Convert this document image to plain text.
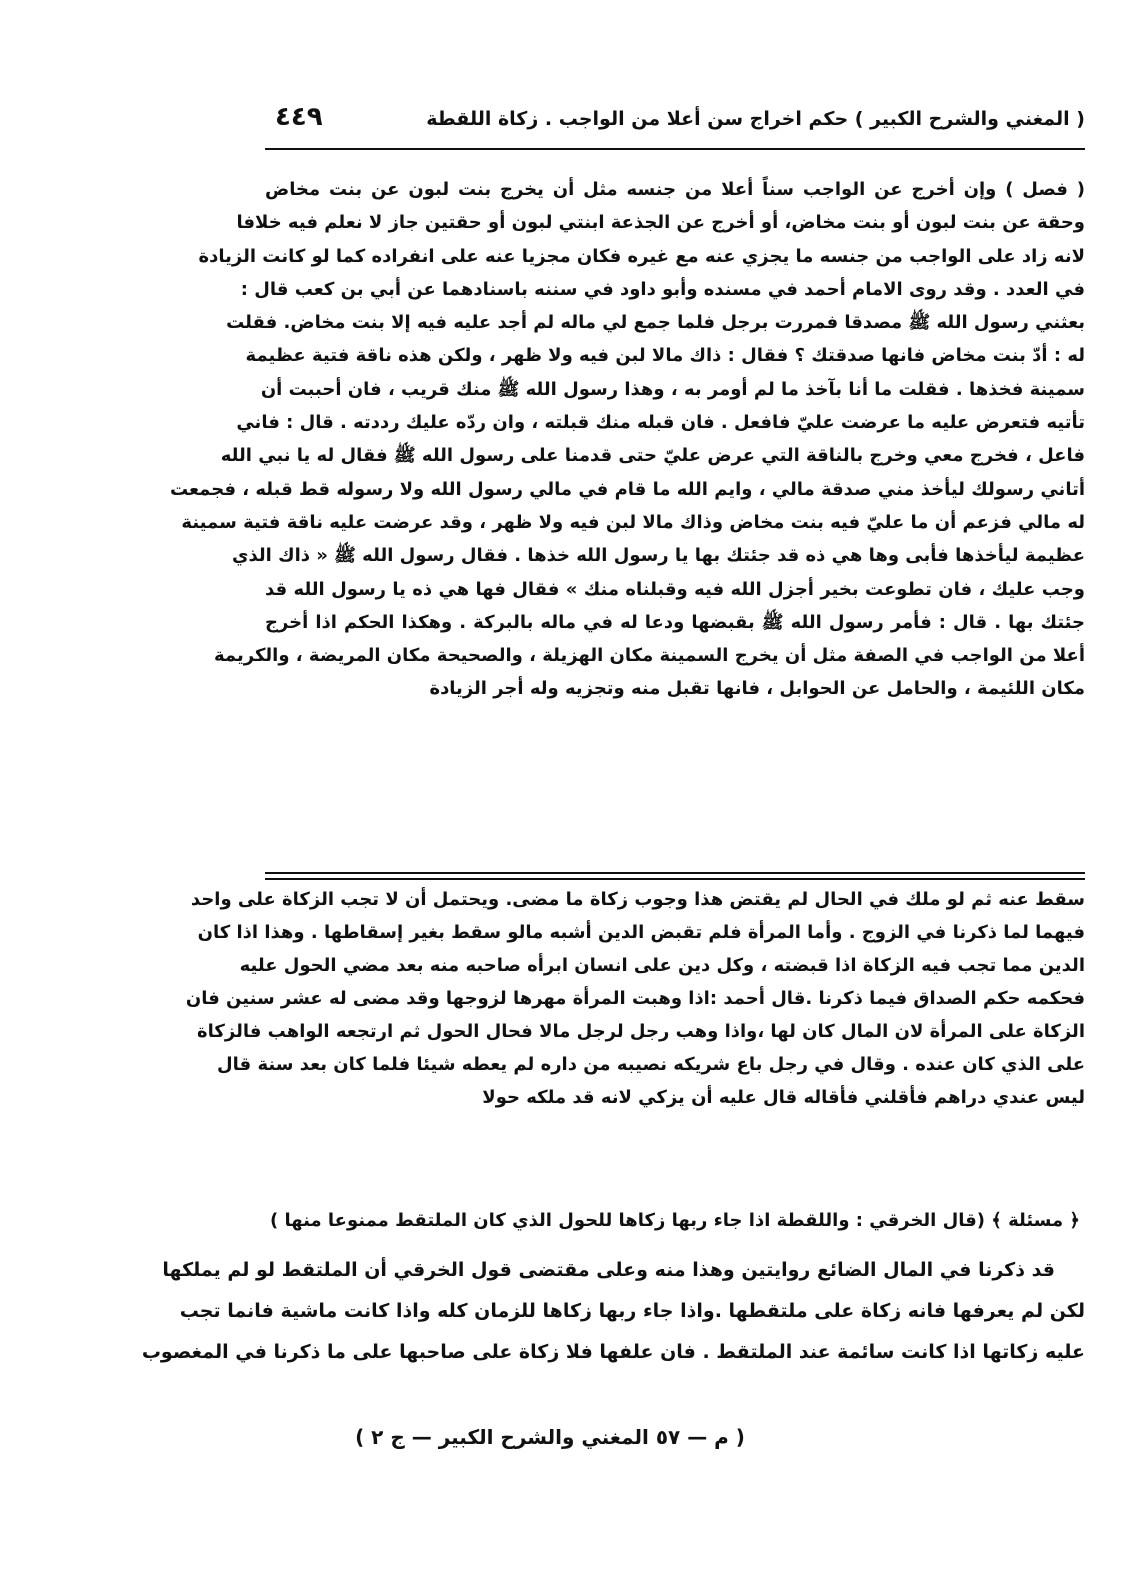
( المغني والشرح الكبير ) حكم اخراج سن أعلا من الواجب . زكاة اللقطة
٤٤٩
( فصل ) وإن أخرج عن الواجب سناً أعلا من جنسه مثل أن يخرج بنت لبون عن بنت مخاض
وحقة عن بنت لبون أو بنت مخاض، أو أخرج عن الجذعة ابنتي لبون أو حقتين جاز لا نعلم فيه خلافا
لانه زاد على الواجب من جنسه ما يجزي عنه مع غيره فكان مجزيا عنه على انفراده كما لو كانت الزيادة
في العدد . وقد روى الامام أحمد في مسنده وأبو داود في سننه باسنادهما عن أبي بن كعب قال :
بعثني رسول الله ﷺ مصدقا فمررت برجل فلما جمع لي ماله لم أجد عليه فيه إلا بنت مخاض. فقلت
له : أدّ بنت مخاض فانها صدقتك ؟ فقال : ذاك مالا لبن فيه ولا ظهر ، ولكن هذه ناقة فتية عظيمة
سمينة فخذها . فقلت ما أنا بآخذ ما لم أومر به ، وهذا رسول الله ﷺ منك قريب ، فان أحببت أن
تأتيه فتعرض عليه ما عرضت عليّ فافعل . فان قبله منك قبلته ، وان ردّه عليك رددته . قال : فاني
فاعل ، فخرج معي وخرج بالناقة التي عرض عليّ حتى قدمنا على رسول الله ﷺ فقال له يا نبي الله
أتاني رسولك ليأخذ مني صدقة مالي ، وايم الله ما قام في مالي رسول الله ولا رسوله قط قبله ، فجمعت
له مالي فزعم أن ما عليّ فيه بنت مخاض وذاك مالا لبن فيه ولا ظهر ، وقد عرضت عليه ناقة فتية سمينة
عظيمة ليأخذها فأبى وها هي ذه قد جئتك بها يا رسول الله خذها . فقال رسول الله ﷺ « ذاك الذي
وجب عليك ، فان تطوعت بخير أجزل الله فيه وقبلناه منك » فقال فها هي ذه يا رسول الله قد
جئتك بها . قال : فأمر رسول الله ﷺ بقبضها ودعا له في ماله بالبركة . وهكذا الحكم اذا أخرج
أعلا من الواجب في الصفة مثل أن يخرج السمينة مكان الهزيلة ، والصحيحة مكان المريضة ، والكريمة
مكان اللئيمة ، والحامل عن الحوابل ، فانها تقبل منه وتجزيه وله أجر الزيادة
سقط عنه ثم لو ملك في الحال لم يقتض هذا وجوب زكاة ما مضى. ويحتمل أن لا تجب الزكاة على واحد
فيهما لما ذكرنا في الزوج . وأما المرأة فلم تقبض الدين أشبه مالو سقط بغير إسقاطها . وهذا اذا كان
الدين مما تجب فيه الزكاة اذا قبضته ، وكل دين على انسان ابرأه صاحبه منه بعد مضي الحول عليه
فحكمه حكم الصداق فيما ذكرنا .قال أحمد :اذا وهبت المرأة مهرها لزوجها وقد مضى له عشر سنين فان
الزكاة على المرأة لان المال كان لها ،واذا وهب رجل لرجل مالا فحال الحول ثم ارتجعه الواهب فالزكاة
على الذي كان عنده . وقال في رجل باع شريكه نصيبه من داره لم يعطه شيئا فلما كان بعد سنة قال
ليس عندي دراهم فأقلني فأقاله قال عليه أن يزكي لانه قد ملكه حولا
﴿ مسئلة ﴾ (قال الخرقي : واللقطة اذا جاء ربها زكاها للحول الذي كان الملتقط ممنوعا منها )
قد ذكرنا في المال الضائع روايتين وهذا منه وعلى مقتضى قول الخرقي أن الملتقط لو لم يملكها
لكن لم يعرفها فانه زكاة على ملتقطها .واذا جاء ربها زكاها للزمان كله واذا كانت ماشية فانما تجب
عليه زكاتها اذا كانت سائمة عند الملتقط . فان علفها فلا زكاة على صاحبها على ما ذكرنا في المغصوب
( م — ٥٧ المغني والشرح الكبير — ج ٢ )
